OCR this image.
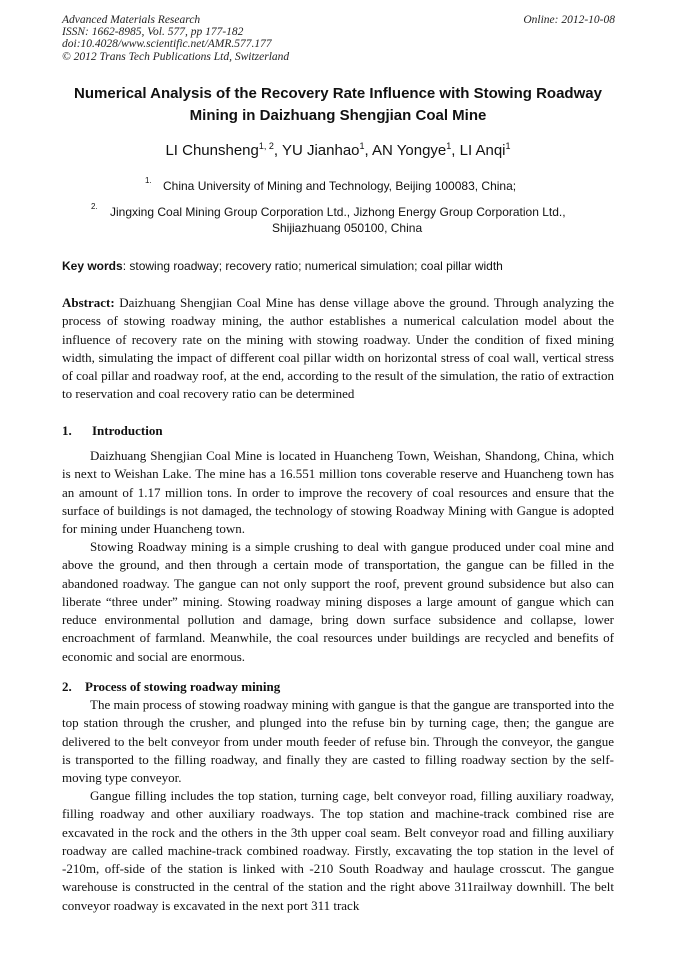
Advanced Materials Research
ISSN: 1662-8985, Vol. 577, pp 177-182
doi:10.4028/www.scientific.net/AMR.577.177
© 2012 Trans Tech Publications Ltd, Switzerland
Online: 2012-10-08
Numerical Analysis of the Recovery Rate Influence with Stowing Roadway Mining in Daizhuang Shengjian Coal Mine
LI Chunsheng$^{1, 2}$, YU Jianhao$^1$, AN Yongye$^1$, LI Anqi$^1$
1. China University of Mining and Technology, Beijing 100083, China;
2. Jingxing Coal Mining Group Corporation Ltd., Jizhong Energy Group Corporation Ltd.,
Shijiazhuang 050100, China
Key words: stowing roadway; recovery ratio; numerical simulation; coal pillar width
Abstract: Daizhuang Shengjian Coal Mine has dense village above the ground. Through analyzing the process of stowing roadway mining, the author establishes a numerical calculation model about the influence of recovery rate on the mining with stowing roadway. Under the condition of fixed mining width, simulating the impact of different coal pillar width on horizontal stress of coal wall, vertical stress of coal pillar and roadway roof, at the end, according to the result of the simulation, the ratio of extraction to reservation and coal recovery ratio can be determined
1. Introduction
Daizhuang Shengjian Coal Mine is located in Huancheng Town, Weishan, Shandong, China, which is next to Weishan Lake. The mine has a 16.551 million tons coverable reserve and Huancheng town has an amount of 1.17 million tons. In order to improve the recovery of coal resources and ensure that the surface of buildings is not damaged, the technology of stowing Roadway Mining with Gangue is adopted for mining under Huancheng town.
Stowing Roadway mining is a simple crushing to deal with gangue produced under coal mine and above the ground, and then through a certain mode of transportation, the gangue can be filled in the abandoned roadway. The gangue can not only support the roof, prevent ground subsidence but also can liberate “three under” mining. Stowing roadway mining disposes a large amount of gangue which can reduce environmental pollution and damage, bring down surface subsidence and collapse, lower encroachment of farmland. Meanwhile, the coal resources under buildings are recycled and benefits of economic and social are enormous.
2. Process of stowing roadway mining
The main process of stowing roadway mining with gangue is that the gangue are transported into the top station through the crusher, and plunged into the refuse bin by turning cage, then; the gangue are delivered to the belt conveyor from under mouth feeder of refuse bin. Through the conveyor, the gangue is transported to the filling roadway, and finally they are casted to filling roadway section by the self-moving type conveyor.
Gangue filling includes the top station, turning cage, belt conveyor road, filling auxiliary roadway, filling roadway and other auxiliary roadways. The top station and machine-track combined rise are excavated in the rock and the others in the 3th upper coal seam. Belt conveyor road and filling auxiliary roadway are called machine-track combined roadway. Firstly, excavating the top station in the level of -210m, off-side of the station is linked with -210 South Roadway and haulage crosscut. The gangue warehouse is constructed in the central of the station and the right above 311railway downhill. The belt conveyor roadway is excavated in the next port 311 track
